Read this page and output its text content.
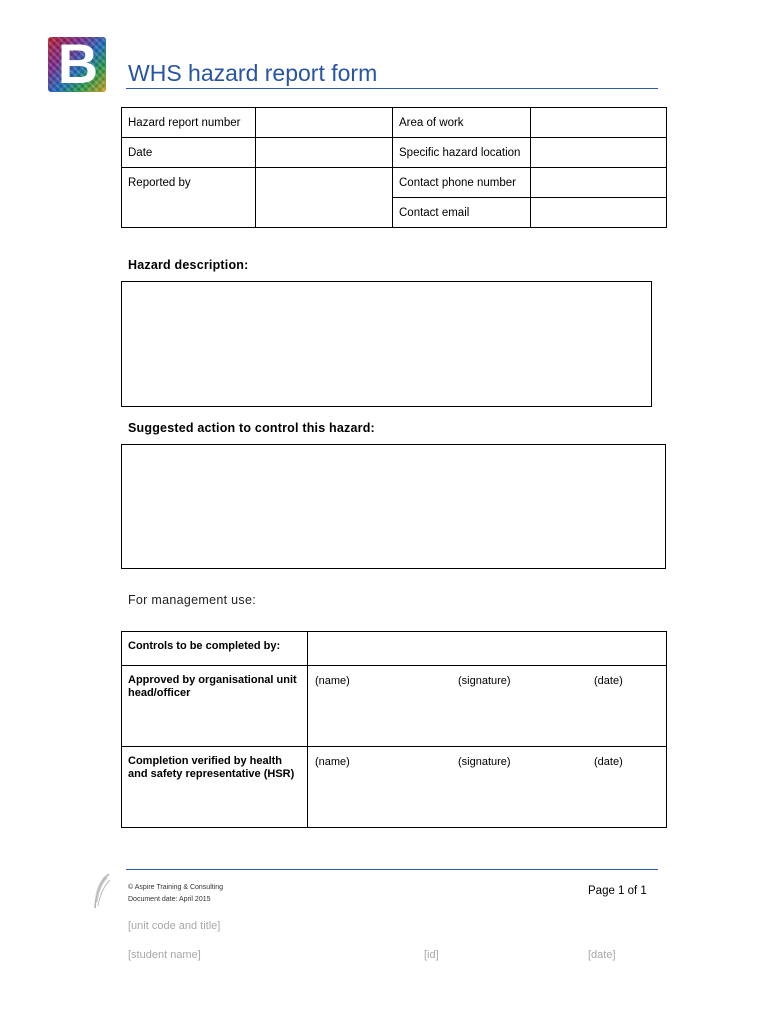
B	WHS hazard report form
Hazard report number		Area of work	
Date		Specific hazard location	
Reported by		Contact phone number	
		Contact email	
Hazard description:
Suggested action to control this hazard:
For management use:
Controls to be completed by:	
Approved by organisational unit head/officer	(name) (signature) (date)

Completion verified by health and safety representative (HSR)	(name) (signature) (date)
© Aspire Training & Consulting
Document date: April 2015
Page 1 of 1
[unit code and title]
[student name]	[id]	[date]
